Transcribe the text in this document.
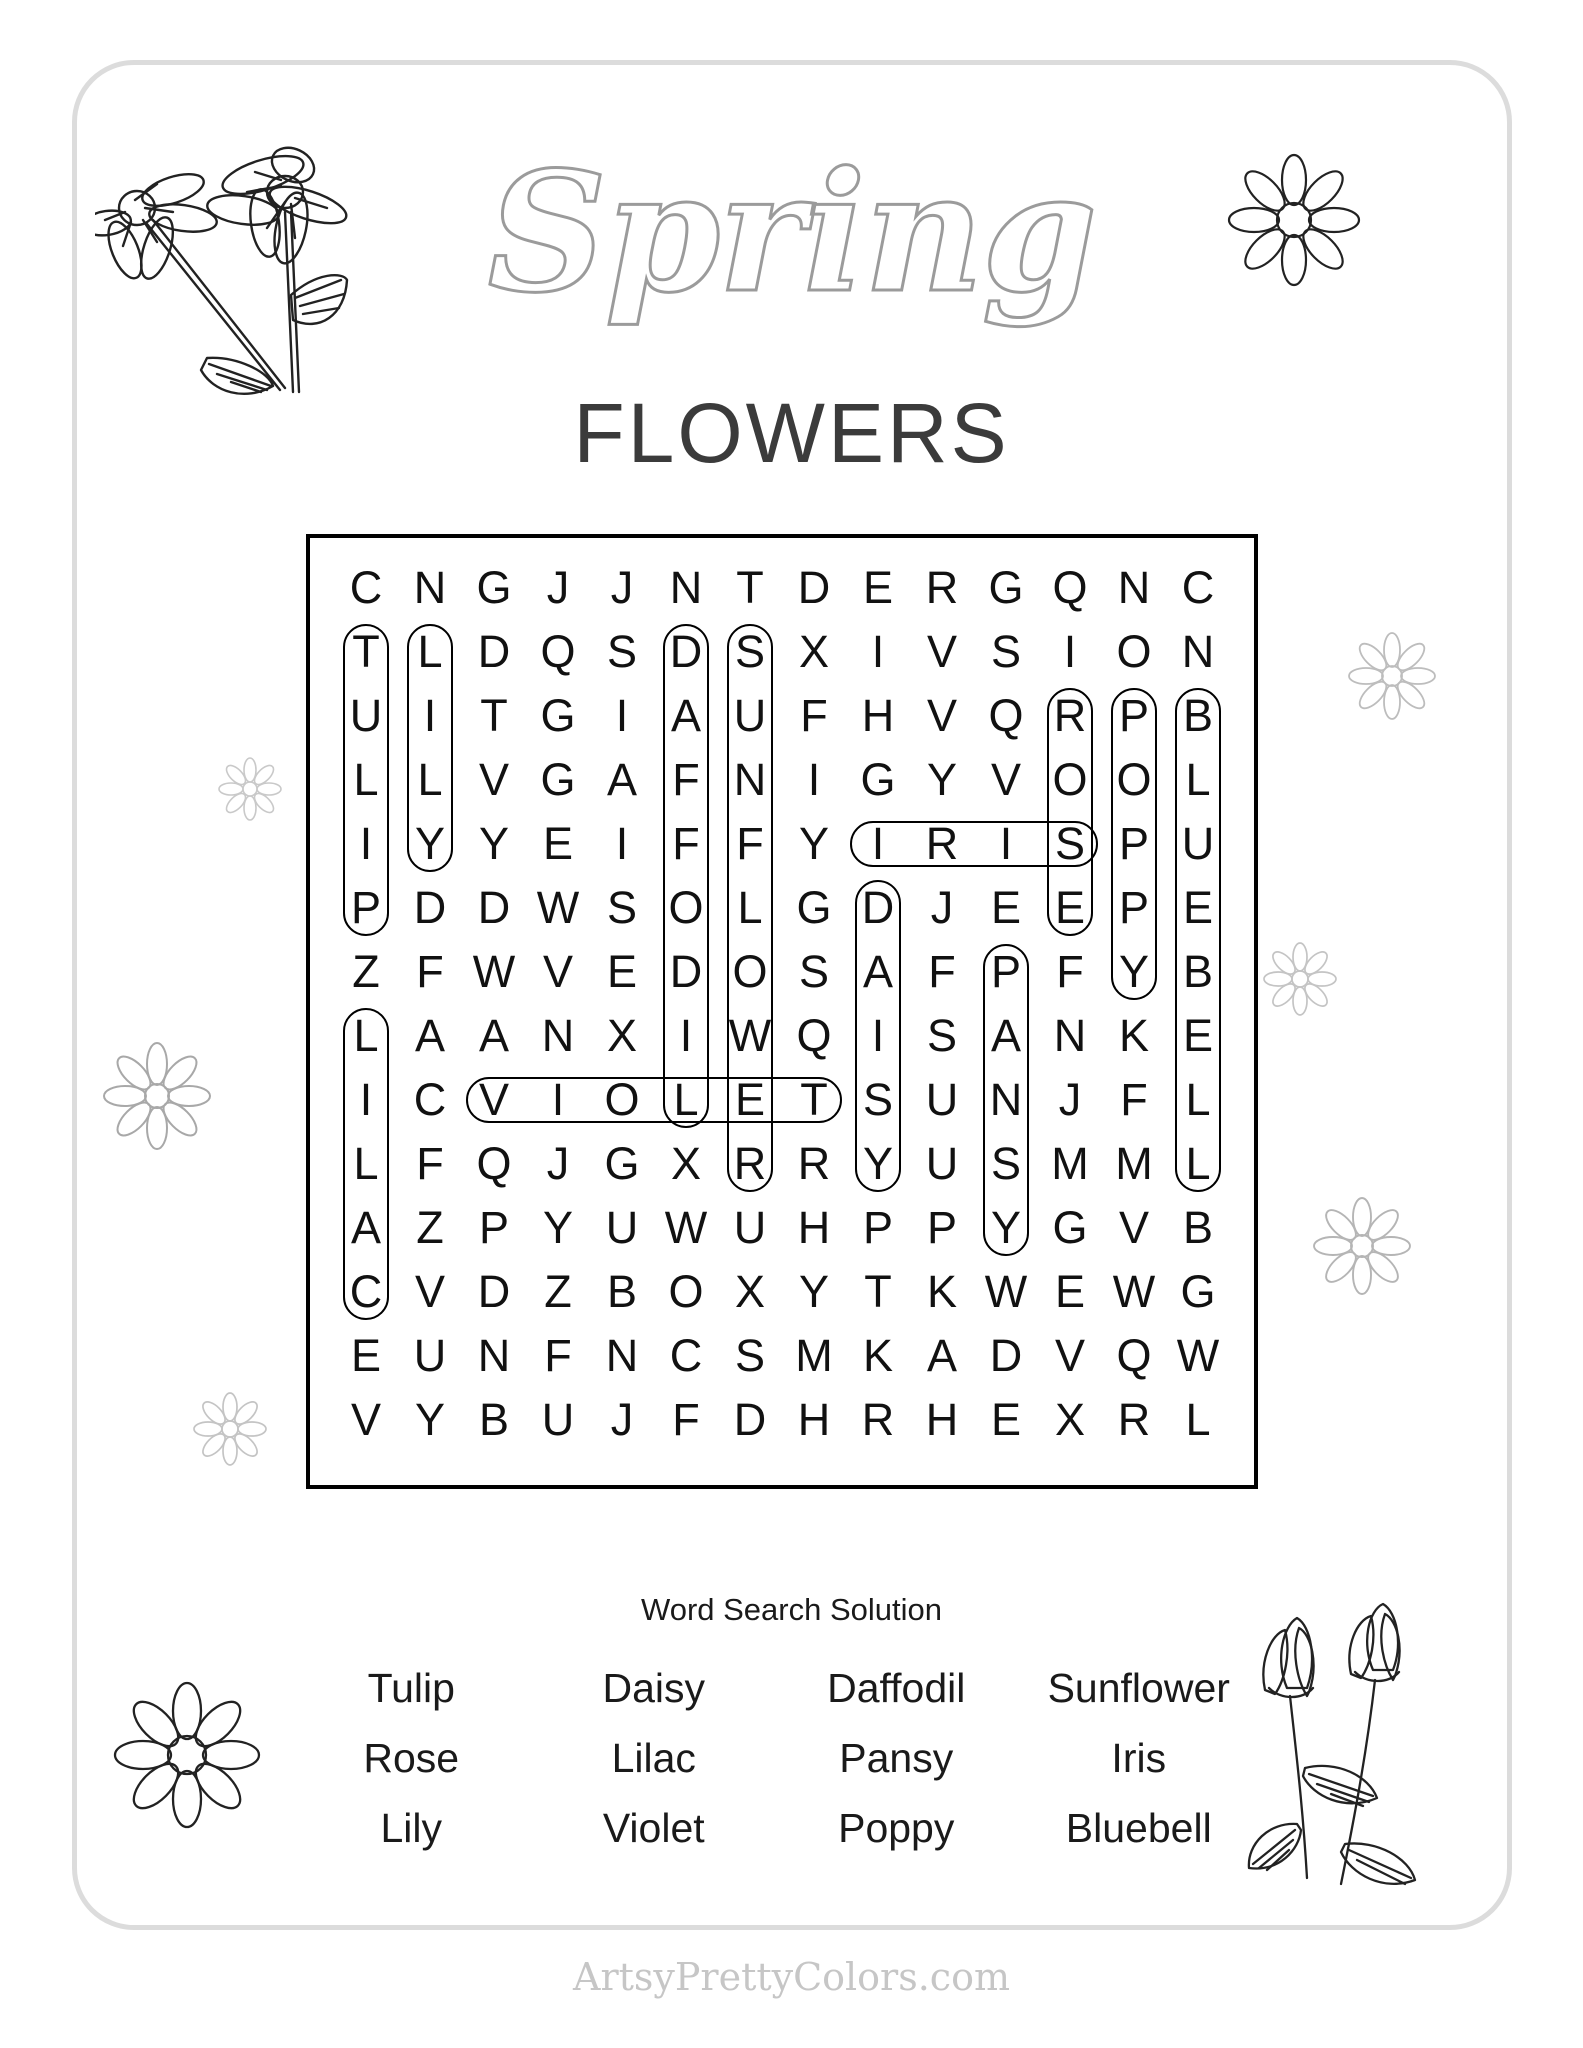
Spring
FLOWERS
C N G J J N T D E R G Q N C
T L D Q S D S X I V S I O N
U I T G I A U F H V Q R P B
L L V G A F N I G Y V O O L
I Y Y E I F F Y I R I S P U
P D D W S O L G D J E E P E
Z F W V E D O S A F P F Y B
L A A N X I W Q I S A N K E
I C V I O L E T S U N J F L
L F Q J G X R R Y U S M M L
A Z P Y U W U H P P Y G V B
C V D Z B O X Y T K W E W G
E U N F N C S M K A D V Q W
V Y B U J F D H R H E X R L
Word Search Solution
Tulip	Daisy	Daffodil	Sunflower
Rose	Lilac	Pansy	Iris
Lily	Violet	Poppy	Bluebell
ArtsyPrettyColors.com
